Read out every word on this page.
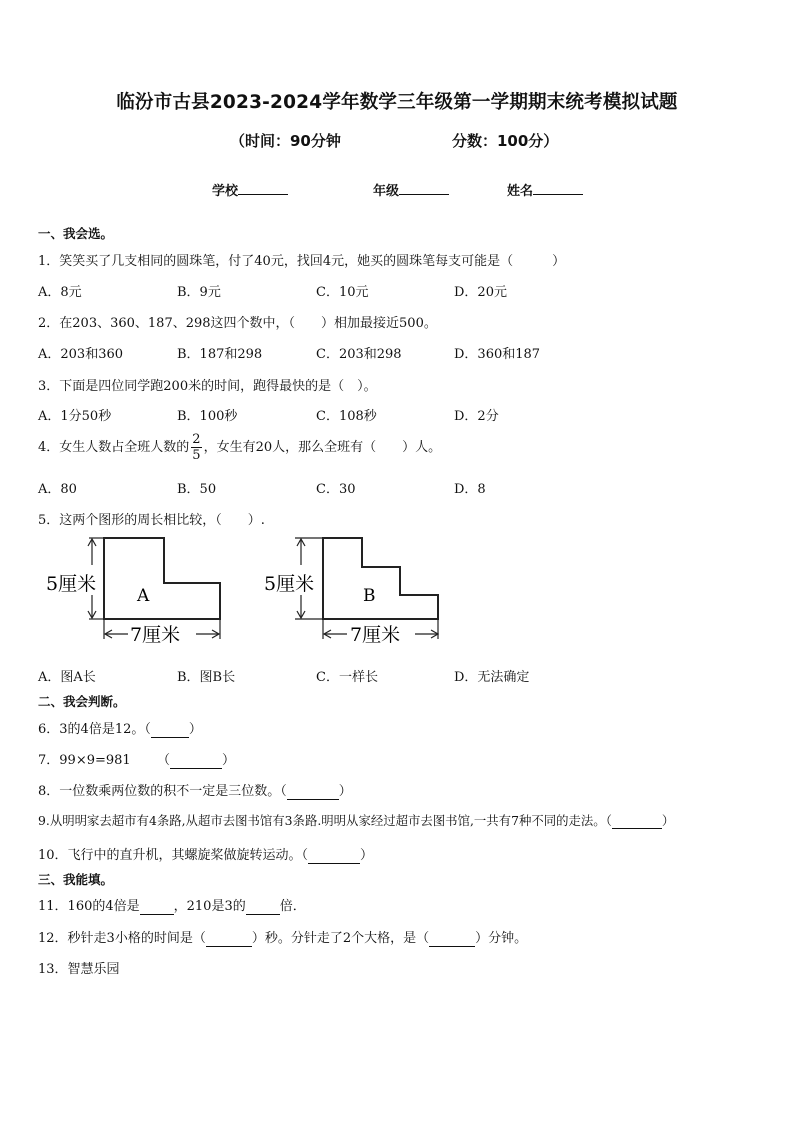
临汾市古县2023-2024学年数学三年级第一学期期末统考模拟试题
（时间：90分钟	分数：100分）
学校	年级	姓名
一、我会选。
1．笑笑买了几支相同的圆珠笔，付了40元，找回4元，她买的圆珠笔每支可能是（　　　）
A．8元	B．9元	C．10元	D．20元
2．在203、360、187、298这四个数中，（　　）相加最接近500。
A．203和360	B．187和298	C．203和298	D．360和187
3．下面是四位同学跑200米的时间，跑得最快的是（　）。
A．1分50秒	B．100秒	C．108秒	D．2分
4．女生人数占全班人数的 $\frac{2}{5}$ ，女生有20人，那么全班有（　　）人。
A．80	B．50	C．30	D．8
5．这两个图形的周长相比较，（　　）.
5厘米
A
7厘米
5厘米
B
7厘米
A．图A长	B．图B长	C．一样长	D．无法确定
二、我会判断。
6．3的4倍是12。（	）
7．99×9=981 （	）
8．一位数乘两位数的积不一定是三位数。（	）
9.从明明家去超市有4条路,从超市去图书馆有3条路.明明从家经过超市去图书馆,一共有7种不同的走法。（	）
10．飞行中的直升机，其螺旋桨做旋转运动。（	）
三、我能填。
11．160的4倍是	，210是3的	倍．
12．秒针走3小格的时间是（	）秒。分针走了2个大格，是（	）分钟。
13．智慧乐园
